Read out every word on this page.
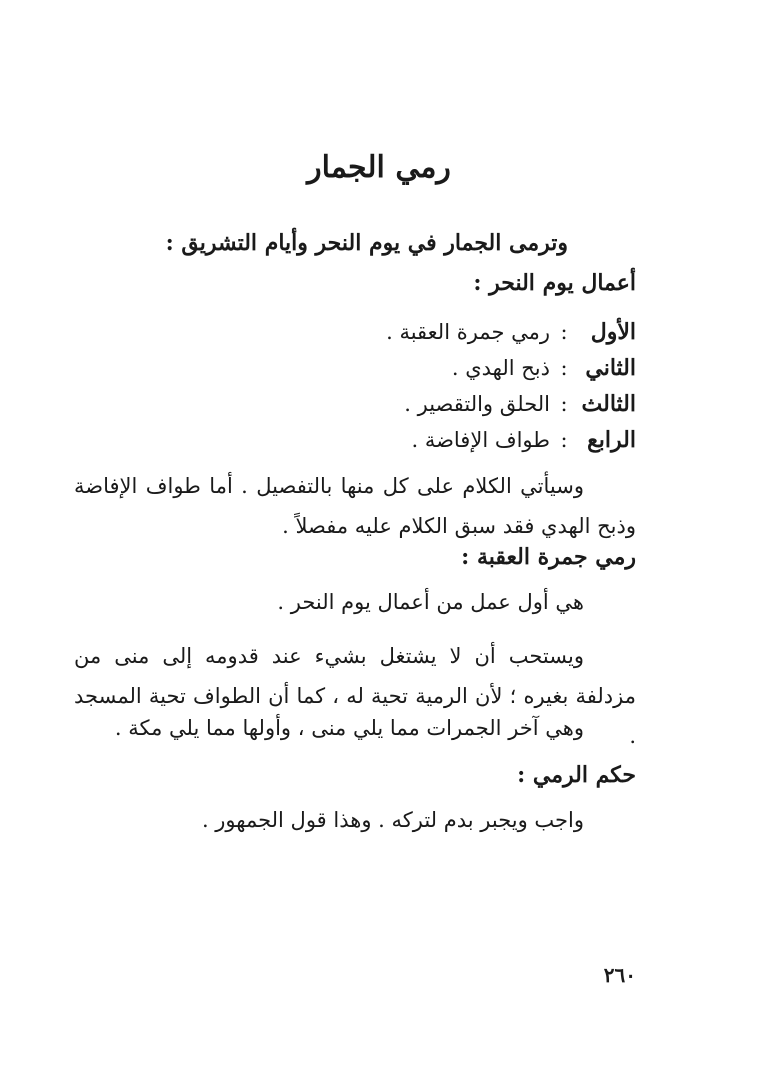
رمي الجمار

وترمى الجمار في يوم النحر وأيام التشريق :

أعمال يوم النحر :

الأول
:
رمي جمرة العقبة .
الثاني
:
ذبح الهدي .
الثالث
:
الحلق والتقصير .
الرابع
:
طواف الإفاضة .

وسيأتي الكلام على كل منها بالتفصيل . أما طواف الإفاضة وذبح الهدي فقد سبق الكلام عليه مفصلاً .

رمي جمرة العقبة :

هي أول عمل من أعمال يوم النحر .

ويستحب أن لا يشتغل بشيء عند قدومه إلى منى من مزدلفة بغيره ؛ لأن الرمية تحية له ، كما أن الطواف تحية المسجد .

وهي آخر الجمرات مما يلي منى ، وأولها مما يلي مكة .

حكم الرمي :

واجب ويجبر بدم لتركه . وهذا قول الجمهور .

٢٦٠
